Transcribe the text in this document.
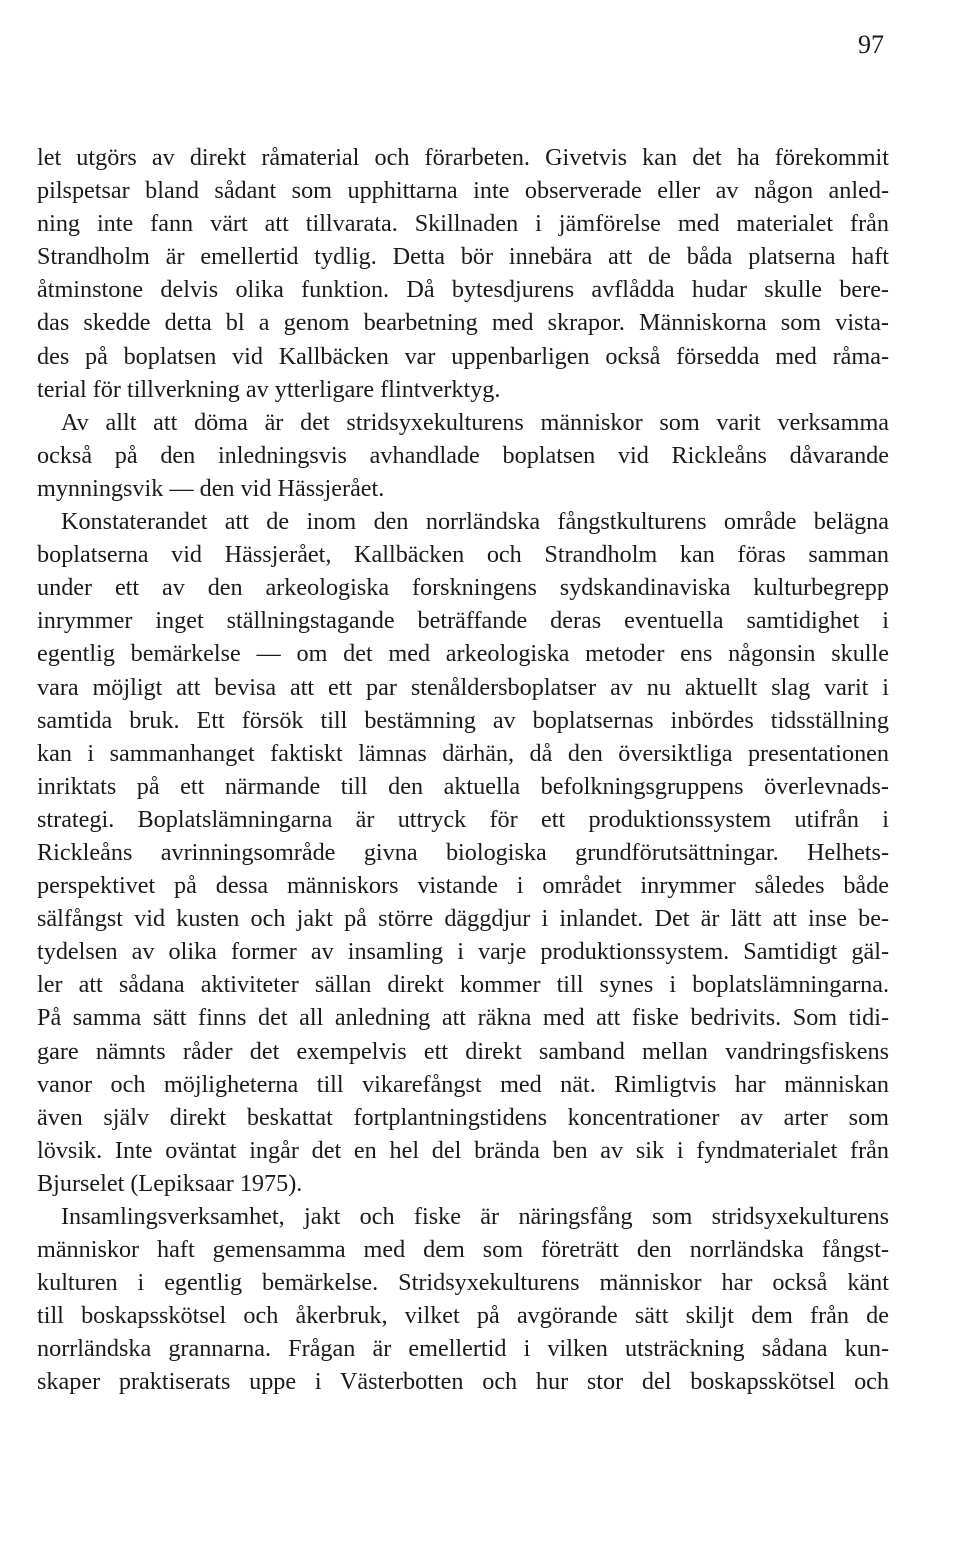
97
let utgörs av direkt råmaterial och förarbeten. Givetvis kan det ha förekommit
pilspetsar bland sådant som upphittarna inte observerade eller av någon anled-
ning inte fann värt att tillvarata. Skillnaden i jämförelse med materialet från
Strandholm är emellertid tydlig. Detta bör innebära att de båda platserna haft
åtminstone delvis olika funktion. Då bytesdjurens avflådda hudar skulle bere-
das skedde detta bl a genom bearbetning med skrapor. Människorna som vista-
des på boplatsen vid Kallbäcken var uppenbarligen också försedda med råma-
terial för tillverkning av ytterligare flintverktyg.
Av allt att döma är det stridsyxekulturens människor som varit verksamma
också på den inledningsvis avhandlade boplatsen vid Rickleåns dåvarande
mynningsvik — den vid Hässjerået.
Konstaterandet att de inom den norrländska fångstkulturens område belägna
boplatserna vid Hässjerået, Kallbäcken och Strandholm kan föras samman
under ett av den arkeologiska forskningens sydskandinaviska kulturbegrepp
inrymmer inget ställningstagande beträffande deras eventuella samtidighet i
egentlig bemärkelse — om det med arkeologiska metoder ens någonsin skulle
vara möjligt att bevisa att ett par stenåldersboplatser av nu aktuellt slag varit i
samtida bruk. Ett försök till bestämning av boplatsernas inbördes tidsställning
kan i sammanhanget faktiskt lämnas därhän, då den översiktliga presentationen
inriktats på ett närmande till den aktuella befolkningsgruppens överlevnads-
strategi. Boplatslämningarna är uttryck för ett produktionssystem utifrån i
Rickleåns avrinningsområde givna biologiska grundförutsättningar. Helhets-
perspektivet på dessa människors vistande i området inrymmer således både
sälfångst vid kusten och jakt på större däggdjur i inlandet. Det är lätt att inse be-
tydelsen av olika former av insamling i varje produktionssystem. Samtidigt gäl-
ler att sådana aktiviteter sällan direkt kommer till synes i boplatslämningarna.
På samma sätt finns det all anledning att räkna med att fiske bedrivits. Som tidi-
gare nämnts råder det exempelvis ett direkt samband mellan vandringsfiskens
vanor och möjligheterna till vikarefångst med nät. Rimligtvis har människan
även själv direkt beskattat fortplantningstidens koncentrationer av arter som
lövsik. Inte oväntat ingår det en hel del brända ben av sik i fyndmaterialet från
Bjurselet (Lepiksaar 1975).
Insamlingsverksamhet, jakt och fiske är näringsfång som stridsyxekulturens
människor haft gemensamma med dem som företrätt den norrländska fångst-
kulturen i egentlig bemärkelse. Stridsyxekulturens människor har också känt
till boskapsskötsel och åkerbruk, vilket på avgörande sätt skiljt dem från de
norrländska grannarna. Frågan är emellertid i vilken utsträckning sådana kun-
skaper praktiserats uppe i Västerbotten och hur stor del boskapsskötsel och
